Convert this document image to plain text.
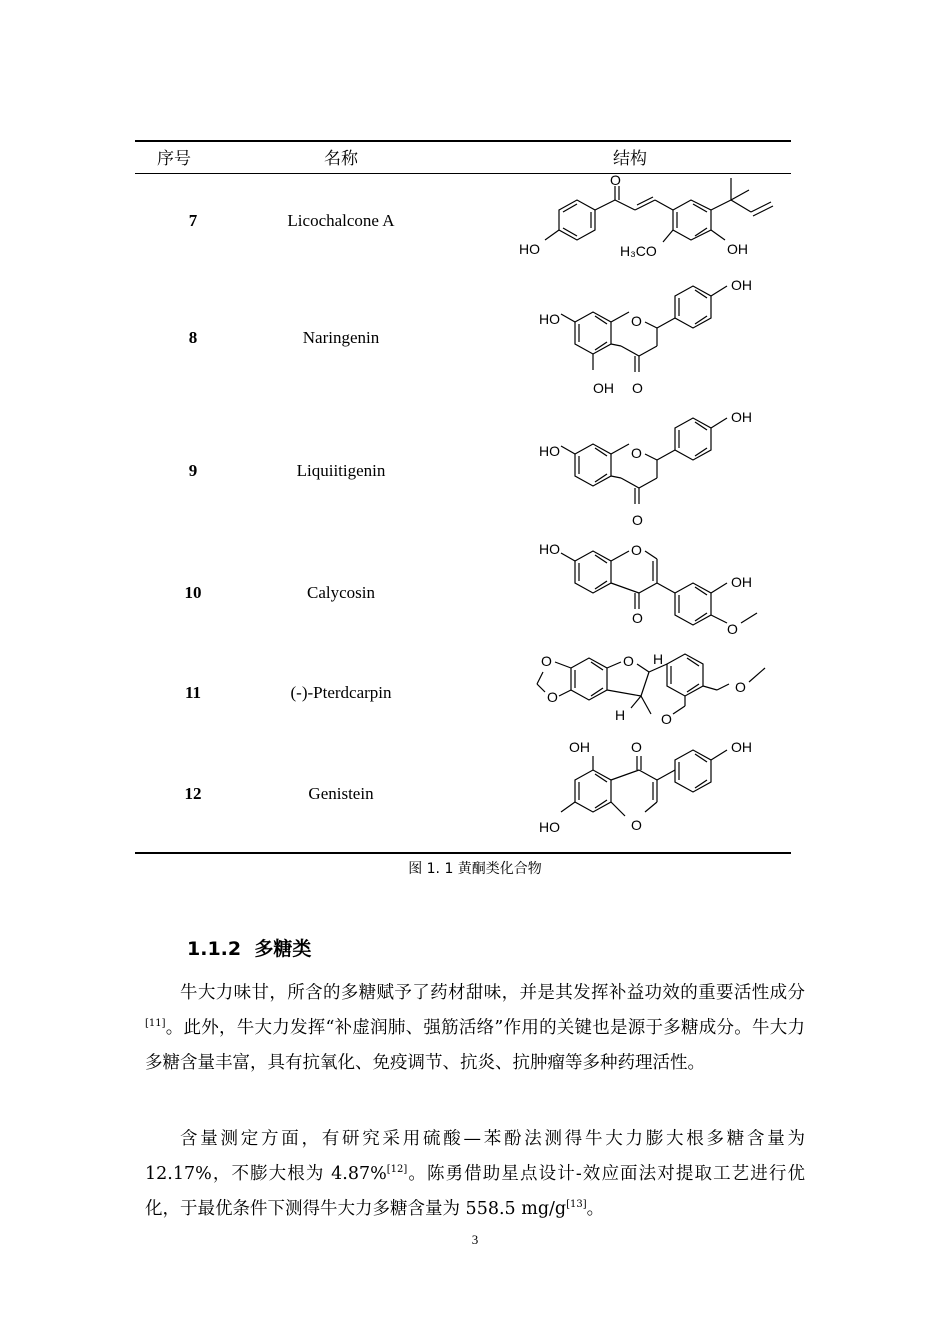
序号	名称	结构
7	Licochalcone A
HO
O
H₃CO	OH
8	Naringenin
HO
OH
O
O
OH
9	Liquiitigenin
HO	O
O
OH
10	Calycosin
HO	O
O
OH
O
11	(-)-Pterdcarpin
O
O
O H
H	O
O
12	Genistein
OH	O
HO	O
OH
图 1. 1 黄酮类化合物
1.1.2 多糖类
牛大力味甘，所含的多糖赋予了药材甜味，并是其发挥补益功效的重要活性成分[11]。此外，牛大力发挥“补虚润肺、强筋活络”作用的关键也是源于多糖成分。牛大力多糖含量丰富，具有抗氧化、免疫调节、抗炎、抗肿瘤等多种药理活性。
含量测定方面，有研究采用硫酸—苯酚法测得牛大力膨大根多糖含量为12.17%，不膨大根为 4.87%[12]。陈勇借助星点设计-效应面法对提取工艺进行优化，于最优条件下测得牛大力多糖含量为 558.5 mg/g[13]。
3
